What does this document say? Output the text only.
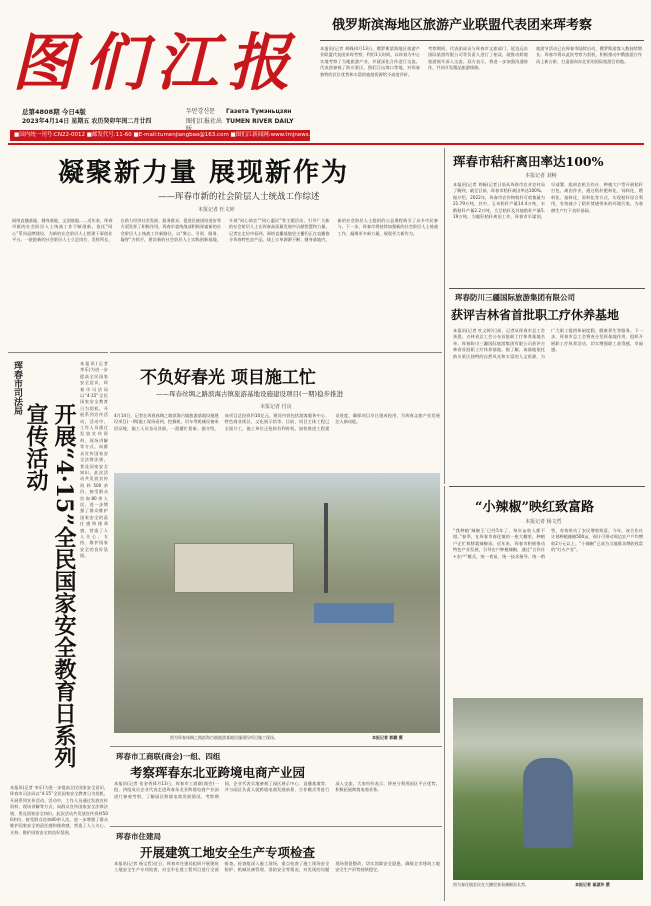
图们江报
总第4808期 今日4版
2023年4月14日 星期五 农历癸卯年闰二月廿四
두만강신문	Газета Тумэньцзян
图们江报社出 TUMEN RIVER DAILY
■国内统一刊号:CN22-0012 ■邮发代号:11-60 ■E-mail:tumenjiangbao@163.com ■图们江新闻网:www.tmjnews.net
俄罗斯滨海地区旅游产业联盟代表团来珲考察
本报讯(记者 胡峰)4月13日，俄罗斯滨海地区旅游产业联盟代表团来珲考察，利用1天时间，以珲春为中心实地考察了当地旅游产业，并就深化合作进行交流。代表团参观了防川景区、图们江出海口等地，对珲春独特的区位优势和丰富的旅游资源给予高度评价。
考察期间，代表团成员与珲春市文旅部门、延边远东国际旅游有限公司等负责人进行了座谈，就推动跨境旅游展开深入交流。双方表示，将进一步加强沟通协作，共同开发精品旅游线路。
旅游节活动已在珲春市陆续启动，俄罗斯游客人数持续增长。珲春市将以此次考察为契机，积极推动中俄旅游合作再上新台阶，打造面向东北亚的国际旅游目的地。
凝聚新力量 展现新作为
——珲春市新的社会阶层人士统战工作综述
本报记者 杜文婷
网络直播基地、健身基地、文创基地……近年来，珲春市新的社会阶层人士统战工作不断创新，依托“同心”系列品牌建设，为新的社会阶层人士搭建干事创业平台。一批批新的社会阶层人士立足岗位、发挥所长，在助力经济社会发展、服务群众、促进民族团结进步等方面发挥了积极作用。珲春市委统战部积极探索新的社会阶层人士统战工作新路径，以“聚心、引领、服务、凝智”为抓手，建设新的社会阶层人士实践创新基地，开展“同心助农”“同心惠民”等主题活动，引导广大新的社会阶层人士在珲春高质量发展中贡献智慧和力量。记者在走访中看到，网络直播基地里主播们正在直播推介珲春特色农产品，线上订单源源不断；健身基地内，新的社会阶层人士组织的公益课程吸引了众多市民参与。下一步，珲春市将持续加强新的社会阶层人士统战工作，凝聚更多新力量，展现更大新作为。
珲春市秸秆离田率达100%
本报记者 刘畅
本报讯(记者 刘畅)记者日前从珲春市农业农村局了解到，截至目前，珲春市秸秆离田率达100%。据介绍，2022年，珲春市农作物秸秆可收集量为21.79万吨，其中，玉米秸秆产量14.4万吨，水稻秸秆产量2.2万吨，大豆秸秆及其他秸秆产量5.19万吨。为做好秸秆离田工作，珲春市早谋划、早部署，组织农机合作社、种植大户等开展秸秆打包、离田作业，通过秸秆肥料化、饲料化、燃料化、基料化、原料化等方式，实现秸秆综合利用，有效减少了秸秆焚烧带来的环境污染，为春耕生产打下良好基础。
珲春防川三疆国际旅游集团有限公司
获评吉林省首批职工疗休养基地
本报讯(记者 杜文婷)日前，记者从珲春市总工会获悉，吉林省总工会公布首批职工疗休养基地名单，珲春防川三疆国际旅游集团有限公司获评吉林省首批职工疗休养基地。据了解，该基地依托防川景区独特的自然风光和丰富的人文资源，为广大职工提供休闲度假、健康养生等服务。下一步，珲春市总工会将充分发挥基地作用，组织开展职工疗休养活动，切实增强职工获得感、幸福感。
“小辣椒”映红致富路
本报记者 杨文哲
“我种植‘辣椒王’已经5年了，每年亩收入都不错。”春季，在珲春市春化镇的一座大棚里，种植户正忙着移栽辣椒苗。近年来，珲春市积极推动特色产业发展，引导农户种植辣椒，通过“合作社+农户”模式，统一育苗、统一技术指导、统一销售，有效带动了农民增收致富。今年，该合作社计划种植辣椒500亩，预计可带动周边农户户均增收2万元以上。“小辣椒”已成为当地群众增收致富的“红火产业”。
图为春化镇农民在大棚里查看辣椒苗长势。	本报记者 崔淑玲 摄
珲春市司法局
开展“4·15”全民国家安全教育日系列宣传活动
本报讯(记者 李乐)为进一步提高全民国家安全意识，珲春市司法局以“4·15”全民国家安全教育日为契机，开展系列宣传活动。活动中，工作人员通过发放宣传资料、现场讲解等方式，向群众宣传国家安全法律法规，普及国家安全知识。此次活动共发放宣传资料500余份，接受群众咨询80余人次，进一步增强了群众维护国家安全的责任感和使命感，营造了人人关心、支持、维护国家安全的良好氛围。
本报讯(记者 李乐)为进一步提高全民国家安全意识，珲春市司法局以“4·15”全民国家安全教育日为契机，开展系列宣传活动。活动中，工作人员通过发放宣传资料、现场讲解等方式，向群众宣传国家安全法律法规，普及国家安全知识。此次活动共发放宣传资料500余份，接受群众咨询80余人次，进一步增强了群众维护国家安全的责任感和使命感，营造了人人关心、支持、维护国家安全的良好氛围。
不负好春光 项目施工忙
——珲春丝绸之路滨海古镇旅游基地设施建设项目(一期)稳步推进
本报记者 付良
4月14日，记者在珲春丝绸之路滨海古镇旅游基地设施建设项目(一期)施工现场看到，挖掘机、吊车等机械设备来回穿梭，施工人员各司其职，一派繁忙景象。据介绍，该项目总投资约10亿元，建设内容包括游客服务中心、特色商业街区、文化展示馆等。目前，项目主体工程已全面开工，施工单位正抢抓有利时机，加快推进工程建设进度，确保项目早日建成投用，为珲春文旅产业发展注入新动能。
图为珲春丝绸之路滨海古镇旅游基地设施建设项目施工现场。	本报记者 郭鹏 摄
珲春市工商联(商会)一组、四组
考察珲春东北亚跨境电商产业园
本报讯(记者 张金秀)4月13日，珲春市工商联(商会)一组、四组成员企业代表走进珲春东北亚跨境电商产业园进行参观考察，了解园区跨境电商发展情况。考察期间，企业代表实地参观了园区展示中心、直播基地等，并与园区负责人就跨境电商发展前景、合作模式等进行深入交流。大家纷纷表示，将充分利用园区平台优势，积极拓展跨境电商业务。
珲春市住建局
开展建筑工地安全生产专项检查
本报讯(记者 杨文哲)近日，珲春市住建局组织开展建筑工地安全生产专项检查，对全市在建工程项目进行全面排查。检查组深入施工现场，重点检查了施工现场安全防护、机械设备管理、消防安全等情况，对发现的问题现场督促整改，切实消除安全隐患，确保全市建筑工地安全生产形势持续稳定。
